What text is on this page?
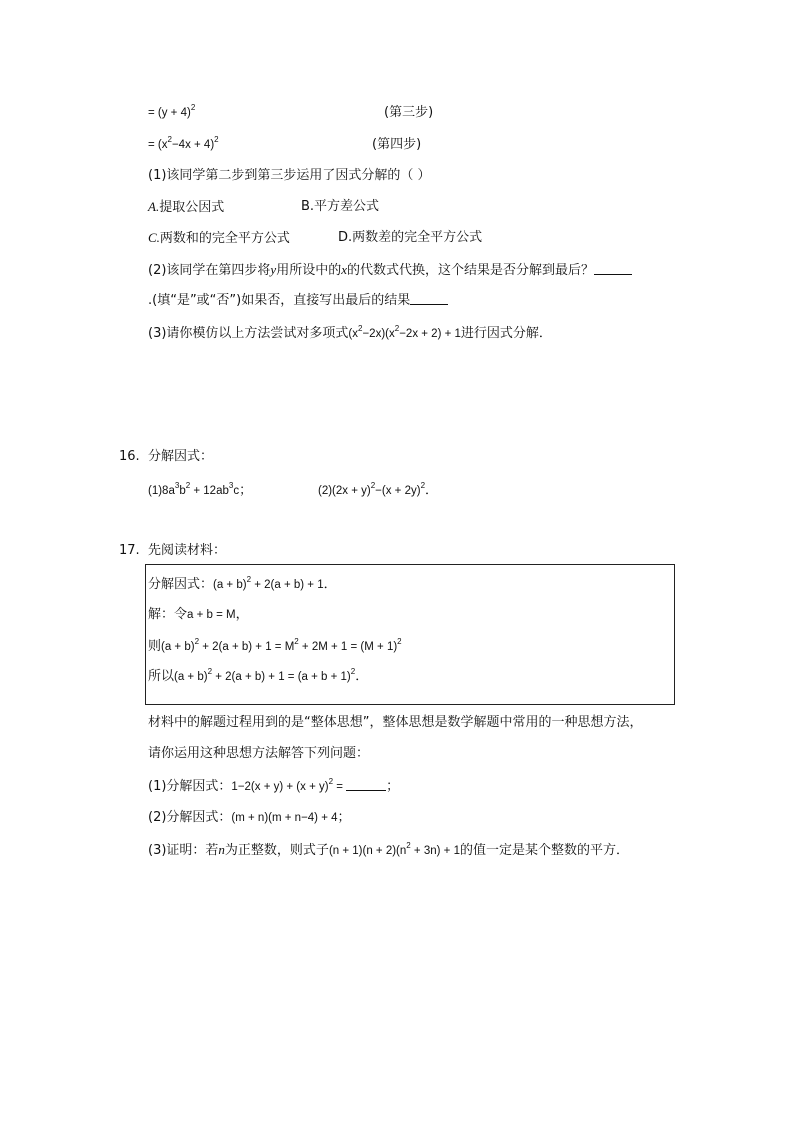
= $(y + 4)^2$	(第三步)
= $(x^2-4x + 4)^2$	(第四步)
(1)该同学第二步到第三步运用了因式分解的（ ）
A.提取公因式	B.平方差公式
C.两数和的完全平方公式	D.两数差的完全平方公式
(2)该同学在第四步将y用所设中的x的代数式代换，这个结果是否分解到最后？
.(填“是”或“否”)如果否，直接写出最后的结果
(3)请你模仿以上方法尝试对多项式$(x^2-2x)(x^2-2x + 2) + 1$进行因式分解．
16. 分解因式：
$(1)8a^3b^2 + 12ab^3c$；	$(2)(2x + y)^2-(x + 2y)^2$．
17. 先阅读材料：
分解因式：$(a + b)^2 + 2(a + b) + 1$．
解：令a + b = M，
则$(a + b)^2 + 2(a + b) + 1 = M^2 + 2M + 1 = (M + 1)^2$
所以$(a + b)^2 + 2(a + b) + 1 = (a + b + 1)^2$．
材料中的解题过程用到的是“整体思想”，整体思想是数学解题中常用的一种思想方法，
请你运用这种思想方法解答下列问题：
(1)分解因式：$1-2(x + y) + (x + y)^2$ =	；
(2)分解因式：(m + n)(m + n−4) + 4；
(3)证明：若n为正整数，则式子$(n + 1)(n + 2)(n^2 + 3n) + 1$的值一定是某个整数的平方．
